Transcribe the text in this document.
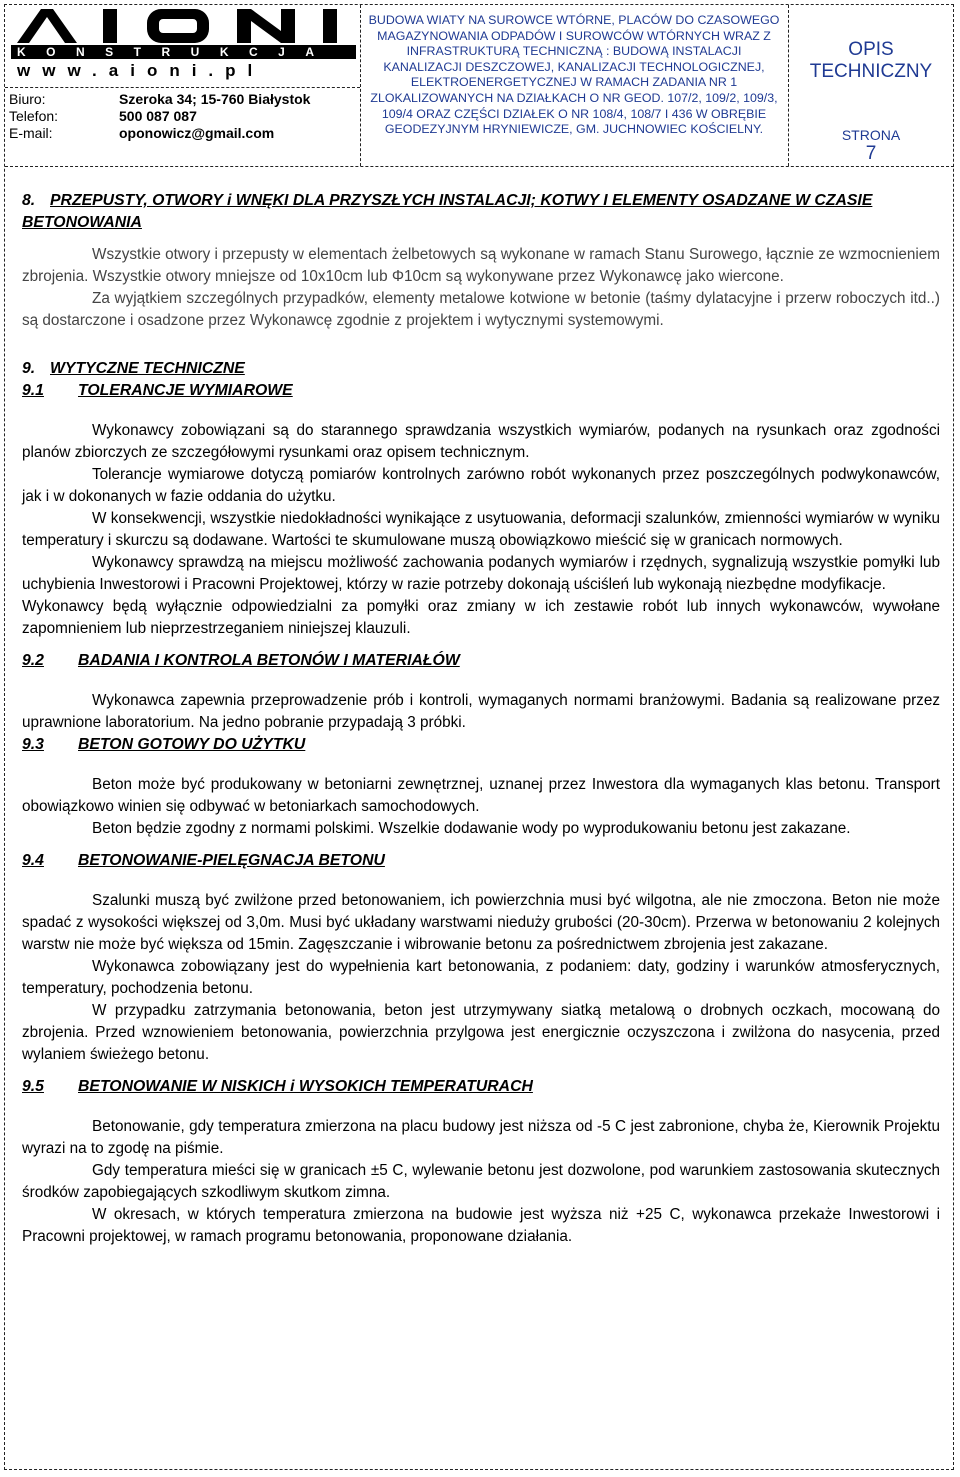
KONSTRUKCJA
www.aioni.pl
Biuro:	Szeroka 34; 15-760 Białystok
Telefon:	500 087 087
E-mail:	oponowicz@gmail.com
BUDOWA WIATY NA SUROWCE WTÓRNE, PLACÓW DO CZASOWEGO MAGAZYNOWANIA ODPADÓW I SUROWCÓW WTÓRNYCH WRAZ Z INFRASTRUKTURĄ TECHNICZNĄ : BUDOWĄ INSTALACJI KANALIZACJI DESZCZOWEJ, KANALIZACJI TECHNOLOGICZNEJ, ELEKTROENERGETYCZNEJ W RAMACH ZADANIA NR 1 ZLOKALIZOWANYCH NA DZIAŁKACH O NR GEOD. 107/2, 109/2, 109/3, 109/4 ORAZ CZĘŚCI DZIAŁEK O NR 108/4, 108/7 I 436 W OBRĘBIE GEODEZYJNYM HRYNIEWICZE, GM. JUCHNOWIEC KOŚCIELNY.
OPIS
TECHNICZNY
STRONA
7
8. PRZEPUSTY, OTWORY i WNĘKI DLA PRZYSZŁYCH INSTALACJI; KOTWY I ELEMENTY OSADZANE W CZASIE BETONOWANIA

Wszystkie otwory i przepusty w elementach żelbetowych są wykonane w ramach Stanu Surowego, łącznie ze wzmocnieniem zbrojenia. Wszystkie otwory mniejsze od 10x10cm lub Φ10cm są wykonywane przez Wykonawcę jako wiercone.

Za wyjątkiem szczególnych przypadków, elementy metalowe kotwione w betonie (taśmy dylatacyjne i przerw roboczych itd..) są dostarczone i osadzone przez Wykonawcę zgodnie z projektem i wytycznymi systemowymi.

9. WYTYCZNE TECHNICZNE
9.1 TOLERANCJE WYMIAROWE

Wykonawcy zobowiązani są do starannego sprawdzania wszystkich wymiarów, podanych na rysunkach oraz zgodności planów zbiorczych ze szczegółowymi rysunkami oraz opisem technicznym.

Tolerancje wymiarowe dotyczą pomiarów kontrolnych zarówno robót wykonanych przez poszczególnych podwykonawców, jak i w dokonanych w fazie oddania do użytku.

W konsekwencji, wszystkie niedokładności wynikające z usytuowania, deformacji szalunków, zmienności wymiarów w wyniku temperatury i skurczu są dodawane. Wartości te skumulowane muszą obowiązkowo mieścić się w granicach normowych.

Wykonawcy sprawdzą na miejscu możliwość zachowania podanych wymiarów i rzędnych, sygnalizują wszystkie pomyłki lub uchybienia Inwestorowi i Pracowni Projektowej, którzy w razie potrzeby dokonają uściśleń lub wykonają niezbędne modyfikacje.

Wykonawcy będą wyłącznie odpowiedzialni za pomyłki oraz zmiany w ich zestawie robót lub innych wykonawców, wywołane zapomnieniem lub nieprzestrzeganiem niniejszej klauzuli.

9.2 BADANIA I KONTROLA BETONÓW I MATERIAŁÓW

Wykonawca zapewnia przeprowadzenie prób i kontroli, wymaganych normami branżowymi. Badania są realizowane przez uprawnione laboratorium. Na jedno pobranie przypadają 3 próbki.

9.3 BETON GOTOWY DO UŻYTKU

Beton może być produkowany w betoniarni zewnętrznej, uznanej przez Inwestora dla wymaganych klas betonu. Transport obowiązkowo winien się odbywać w betoniarkach samochodowych.

Beton będzie zgodny z normami polskimi. Wszelkie dodawanie wody po wyprodukowaniu betonu jest zakazane.

9.4 BETONOWANIE-PIELĘGNACJA BETONU

Szalunki muszą być zwilżone przed betonowaniem, ich powierzchnia musi być wilgotna, ale nie zmoczona. Beton nie może spadać z wysokości większej od 3,0m. Musi być układany warstwami nieduży grubości (20-30cm). Przerwa w betonowaniu 2 kolejnych warstw nie może być większa od 15min. Zagęszczanie i wibrowanie betonu za pośrednictwem zbrojenia jest zakazane.

Wykonawca zobowiązany jest do wypełnienia kart betonowania, z podaniem: daty, godziny i warunków atmosferycznych, temperatury, pochodzenia betonu.

W przypadku zatrzymania betonowania, beton jest utrzymywany siatką metalową o drobnych oczkach, mocowaną do zbrojenia. Przed wznowieniem betonowania, powierzchnia przylgowa jest energicznie oczyszczona i zwilżona do nasycenia, przed wylaniem świeżego betonu.

9.5 BETONOWANIE W NISKICH i WYSOKICH TEMPERATURACH

Betonowanie, gdy temperatura zmierzona na placu budowy jest niższa od -5 C jest zabronione, chyba że, Kierownik Projektu wyrazi na to zgodę na piśmie.

Gdy temperatura mieści się w granicach ±5 C, wylewanie betonu jest dozwolone, pod warunkiem zastosowania skutecznych środków zapobiegających szkodliwym skutkom zimna.

W okresach, w których temperatura zmierzona na budowie jest wyższa niż +25 C, wykonawca przekaże Inwestorowi i Pracowni projektowej, w ramach programu betonowania, proponowane działania.
